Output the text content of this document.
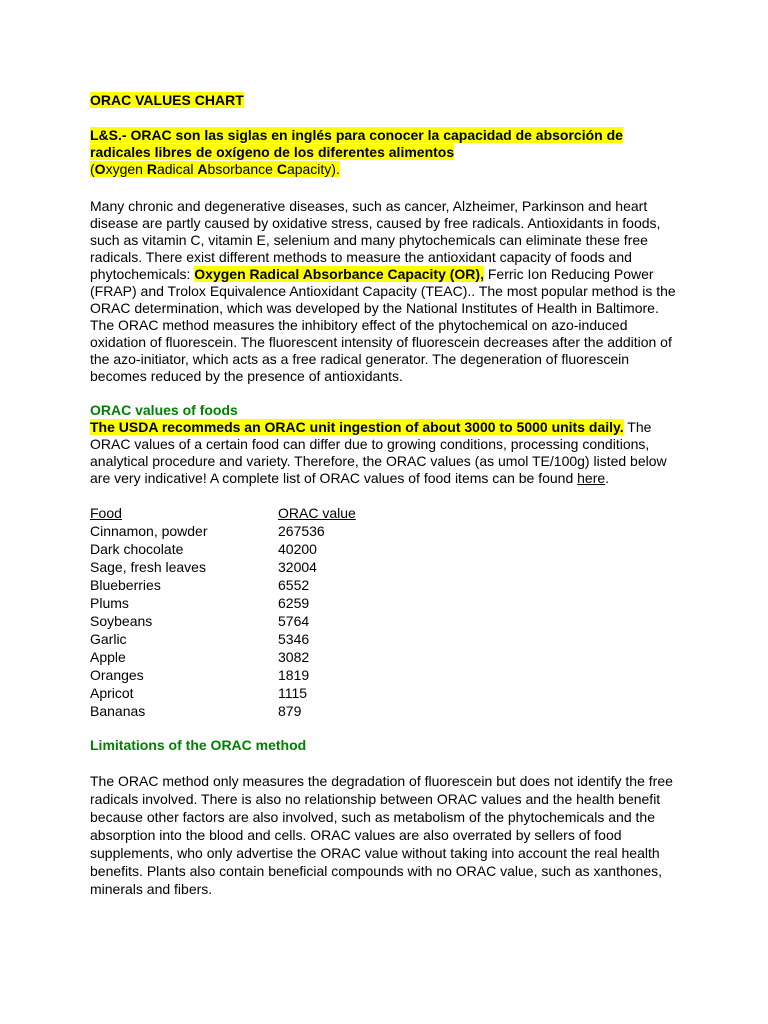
ORAC VALUES CHART

L&S.- ORAC son las siglas en inglés para conocer la capacidad de absorción de
radicales libres de oxígeno de los diferentes alimentos

(Oxygen Radical Absorbance Capacity).

Many chronic and degenerative diseases, such as cancer, Alzheimer, Parkinson and heart disease are partly caused by oxidative stress, caused by free radicals. Antioxidants in foods, such as vitamin C, vitamin E, selenium and many phytochemicals can eliminate these free radicals. There exist different methods to measure the antioxidant capacity of foods and phytochemicals: Oxygen Radical Absorbance Capacity (OR), Ferric Ion Reducing Power (FRAP) and Trolox Equivalence Antioxidant Capacity (TEAC).. The most popular method is the ORAC determination, which was developed by the National Institutes of Health in Baltimore. The ORAC method measures the inhibitory effect of the phytochemical on azo-induced oxidation of fluorescein. The fluorescent intensity of fluorescein decreases after the addition of the azo-initiator, which acts as a free radical generator. The degeneration of fluorescein becomes reduced by the presence of antioxidants.
ORAC values of foods
The USDA recommeds an ORAC unit ingestion of about 3000 to 5000 units daily. The ORAC values of a certain food can differ due to growing conditions, processing conditions, analytical procedure and variety. Therefore, the ORAC values (as umol TE/100g) listed below are very indicative! A complete list of ORAC values of food items can be found here.
Food	ORAC value
Cinnamon, powder	267536
Dark chocolate	40200
Sage, fresh leaves	32004
Blueberries	6552
Plums	6259
Soybeans	5764
Garlic	5346
Apple	3082
Oranges	1819
Apricot	1115
Bananas	879
Limitations of the ORAC method
The ORAC method only measures the degradation of fluorescein but does not identify the free radicals involved. There is also no relationship between ORAC values and the health benefit because other factors are also involved, such as metabolism of the phytochemicals and the absorption into the blood and cells. ORAC values are also overrated by sellers of food supplements, who only advertise the ORAC value without taking into account the real health benefits. Plants also contain beneficial compounds with no ORAC value, such as xanthones, minerals and fibers.
